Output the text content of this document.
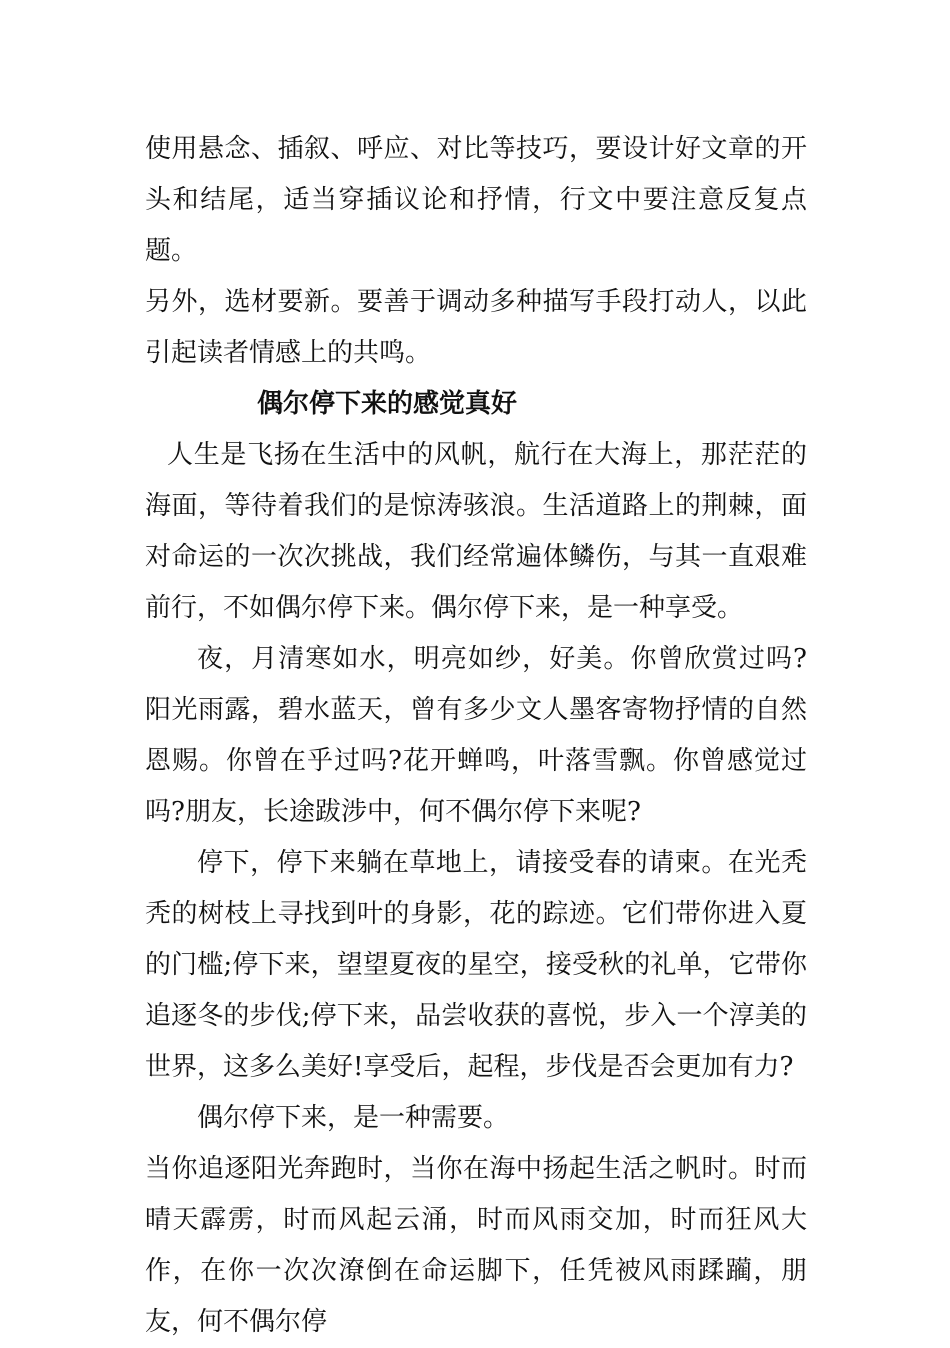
使用悬念、插叙、呼应、对比等技巧，要设计好文章的开头和结尾，适当穿插议论和抒情，行文中要注意反复点题。

另外，选材要新。要善于调动多种描写手段打动人，以此引起读者情感上的共鸣。

偶尔停下来的感觉真好

人生是飞扬在生活中的风帆，航行在大海上，那茫茫的海面，等待着我们的是惊涛骇浪。生活道路上的荆棘，面对命运的一次次挑战，我们经常遍体鳞伤，与其一直艰难前行，不如偶尔停下来。偶尔停下来，是一种享受。

夜，月清寒如水，明亮如纱，好美。你曾欣赏过吗?阳光雨露，碧水蓝天，曾有多少文人墨客寄物抒情的自然恩赐。你曾在乎过吗?花开蝉鸣，叶落雪飘。你曾感觉过吗?朋友，长途跋涉中，何不偶尔停下来呢?

停下，停下来躺在草地上，请接受春的请柬。在光秃秃的树枝上寻找到叶的身影，花的踪迹。它们带你进入夏的门槛;停下来，望望夏夜的星空，接受秋的礼单，它带你追逐冬的步伐;停下来，品尝收获的喜悦，步入一个淳美的世界，这多么美好!享受后，起程，步伐是否会更加有力?

偶尔停下来，是一种需要。

当你追逐阳光奔跑时，当你在海中扬起生活之帆时。时而晴天霹雳，时而风起云涌，时而风雨交加，时而狂风大作，在你一次次潦倒在命运脚下，任凭被风雨蹂躏，朋友，何不偶尔停
